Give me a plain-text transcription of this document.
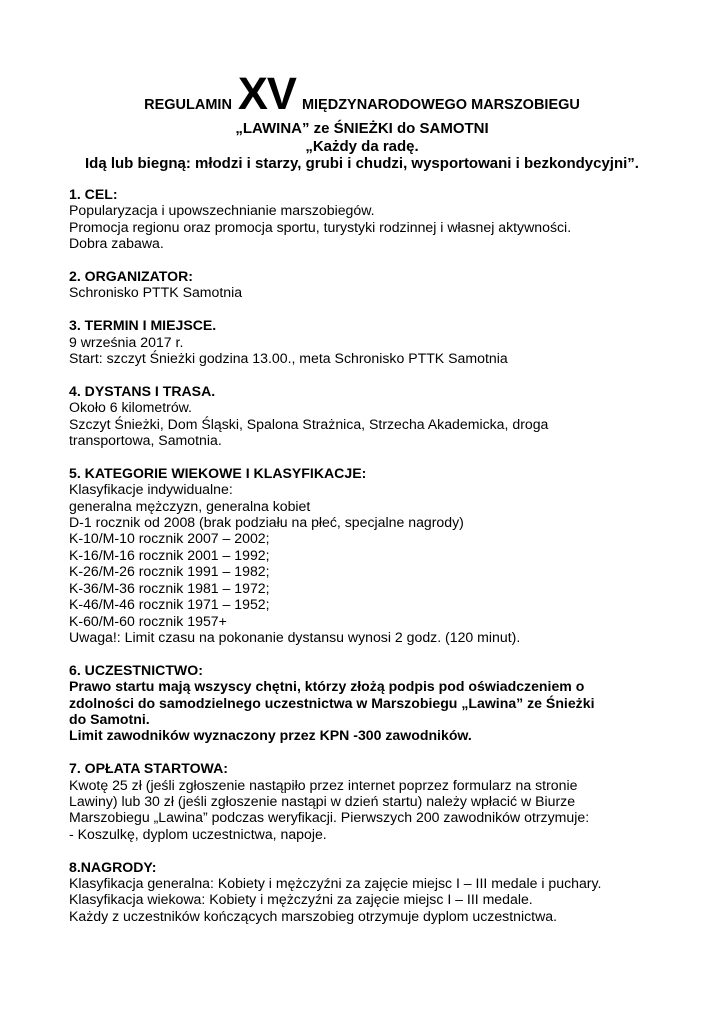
REGULAMIN XV MIĘDZYNARODOWEGO MARSZOBIEGU
„LAWINA” ze ŚNIEŻKI do SAMOTNI
„Każdy da radę.
Idą lub biegną: młodzi i starzy, grubi i chudzi, wysportowani i bezkondycyjni”.
1. CEL:
Popularyzacja i upowszechnianie marszobiegów.
Promocja regionu oraz promocja sportu, turystyki rodzinnej i własnej aktywności.
Dobra zabawa.
2. ORGANIZATOR:
Schronisko PTTK Samotnia
3. TERMIN I MIEJSCE.
9 września 2017 r.
Start: szczyt Śnieżki godzina 13.00., meta Schronisko PTTK Samotnia
4. DYSTANS I TRASA.
Około 6 kilometrów.
Szczyt Śnieżki, Dom Śląski, Spalona Strażnica, Strzecha Akademicka, droga
transportowa, Samotnia.
5. KATEGORIE WIEKOWE I KLASYFIKACJE:
Klasyfikacje indywidualne:
generalna mężczyzn, generalna kobiet
D-1 rocznik od 2008 (brak podziału na płeć, specjalne nagrody)
K-10/M-10 rocznik 2007 – 2002;
K-16/M-16 rocznik 2001 – 1992;
K-26/M-26 rocznik 1991 – 1982;
K-36/M-36 rocznik 1981 – 1972;
K-46/M-46 rocznik 1971 – 1952;
K-60/M-60 rocznik 1957+
Uwaga!: Limit czasu na pokonanie dystansu wynosi 2 godz. (120 minut).
6. UCZESTNICTWO:
Prawo startu mają wszyscy chętni, którzy złożą podpis pod oświadczeniem o
zdolności do samodzielnego uczestnictwa w Marszobiegu „Lawina” ze Śnieżki
do Samotni.
Limit zawodników wyznaczony przez KPN -300 zawodników.
7. OPŁATA STARTOWA:
Kwotę 25 zł (jeśli zgłoszenie nastąpiło przez internet poprzez formularz na stronie
Lawiny) lub 30 zł (jeśli zgłoszenie nastąpi w dzień startu) należy wpłacić w Biurze
Marszobiegu „Lawina” podczas weryfikacji. Pierwszych 200 zawodników otrzymuje:
- Koszulkę, dyplom uczestnictwa, napoje.
8.NAGRODY:
Klasyfikacja generalna: Kobiety i mężczyźni za zajęcie miejsc I – III medale i puchary.
Klasyfikacja wiekowa: Kobiety i mężczyźni za zajęcie miejsc I – III medale.
Każdy z uczestników kończących marszobieg otrzymuje dyplom uczestnictwa.
